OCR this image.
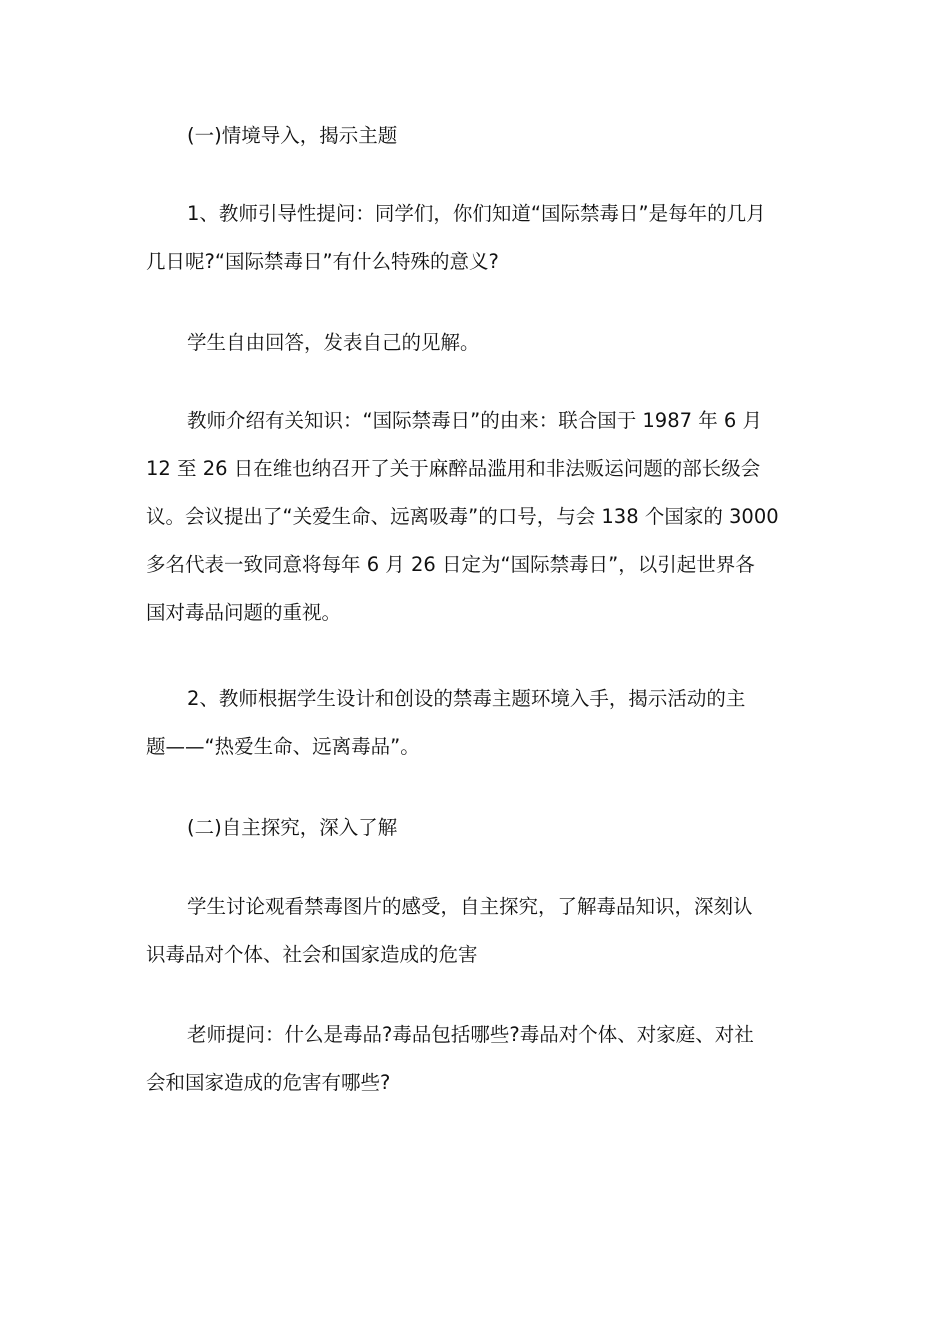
(一)情境导入，揭示主题
1、教师引导性提问：同学们，你们知道“国际禁毒日”是每年的几月
几日呢?“国际禁毒日”有什么特殊的意义?
学生自由回答，发表自己的见解。
教师介绍有关知识：“国际禁毒日”的由来：联合国于 1987 年 6 月
12 至 26 日在维也纳召开了关于麻醉品滥用和非法贩运问题的部长级会
议。会议提出了“关爱生命、远离吸毒”的口号，与会 138 个国家的 3000
多名代表一致同意将每年 6 月 26 日定为“国际禁毒日”，以引起世界各
国对毒品问题的重视。
2、教师根据学生设计和创设的禁毒主题环境入手，揭示活动的主
题——“热爱生命、远离毒品”。
(二)自主探究，深入了解
学生讨论观看禁毒图片的感受，自主探究，了解毒品知识，深刻认
识毒品对个体、社会和国家造成的危害
老师提问：什么是毒品?毒品包括哪些?毒品对个体、对家庭、对社
会和国家造成的危害有哪些?
